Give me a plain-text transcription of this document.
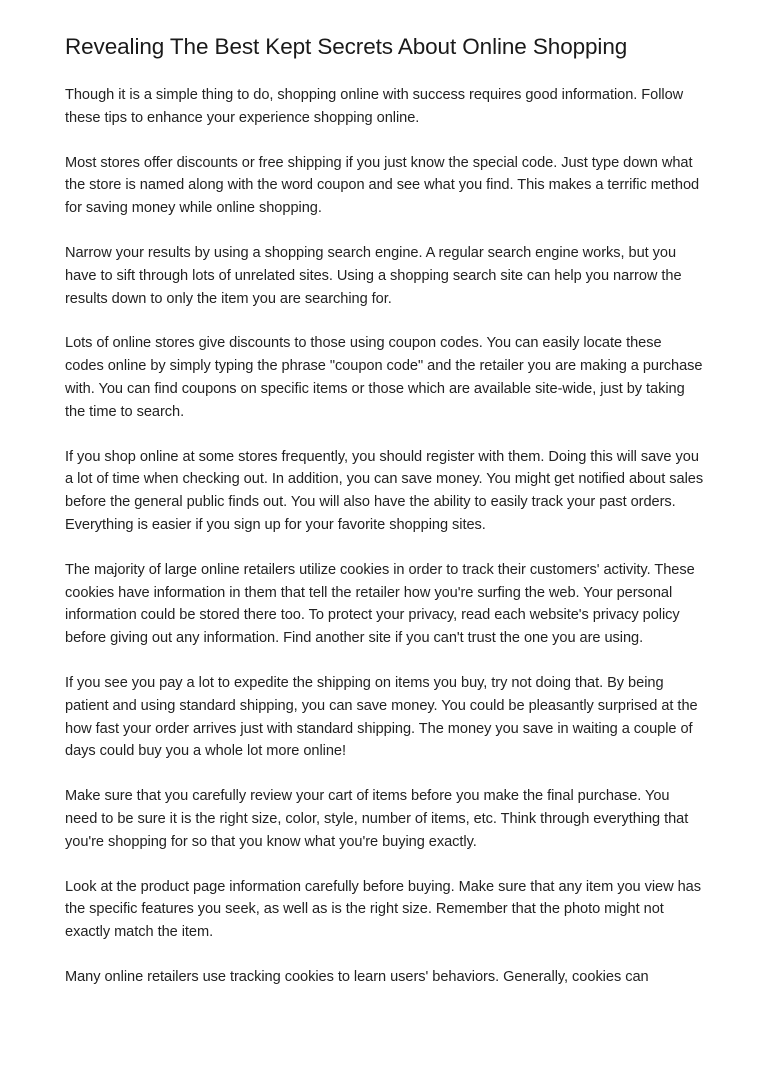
Revealing The Best Kept Secrets About Online Shopping

Though it is a simple thing to do, shopping online with success requires good information. Follow these tips to enhance your experience shopping online.

Most stores offer discounts or free shipping if you just know the special code. Just type down what the store is named along with the word coupon and see what you find. This makes a terrific method for saving money while online shopping.

Narrow your results by using a shopping search engine. A regular search engine works, but you have to sift through lots of unrelated sites. Using a shopping search site can help you narrow the results down to only the item you are searching for.

Lots of online stores give discounts to those using coupon codes. You can easily locate these codes online by simply typing the phrase "coupon code" and the retailer you are making a purchase with. You can find coupons on specific items or those which are available site-wide, just by taking the time to search.

If you shop online at some stores frequently, you should register with them. Doing this will save you a lot of time when checking out. In addition, you can save money. You might get notified about sales before the general public finds out. You will also have the ability to easily track your past orders. Everything is easier if you sign up for your favorite shopping sites.

The majority of large online retailers utilize cookies in order to track their customers' activity. These cookies have information in them that tell the retailer how you're surfing the web. Your personal information could be stored there too. To protect your privacy, read each website's privacy policy before giving out any information. Find another site if you can't trust the one you are using.

If you see you pay a lot to expedite the shipping on items you buy, try not doing that. By being patient and using standard shipping, you can save money. You could be pleasantly surprised at the how fast your order arrives just with standard shipping. The money you save in waiting a couple of days could buy you a whole lot more online!

Make sure that you carefully review your cart of items before you make the final purchase. You need to be sure it is the right size, color, style, number of items, etc. Think through everything that you're shopping for so that you know what you're buying exactly.

Look at the product page information carefully before buying. Make sure that any item you view has the specific features you seek, as well as is the right size. Remember that the photo might not exactly match the item.

Many online retailers use tracking cookies to learn users' behaviors. Generally, cookies can
